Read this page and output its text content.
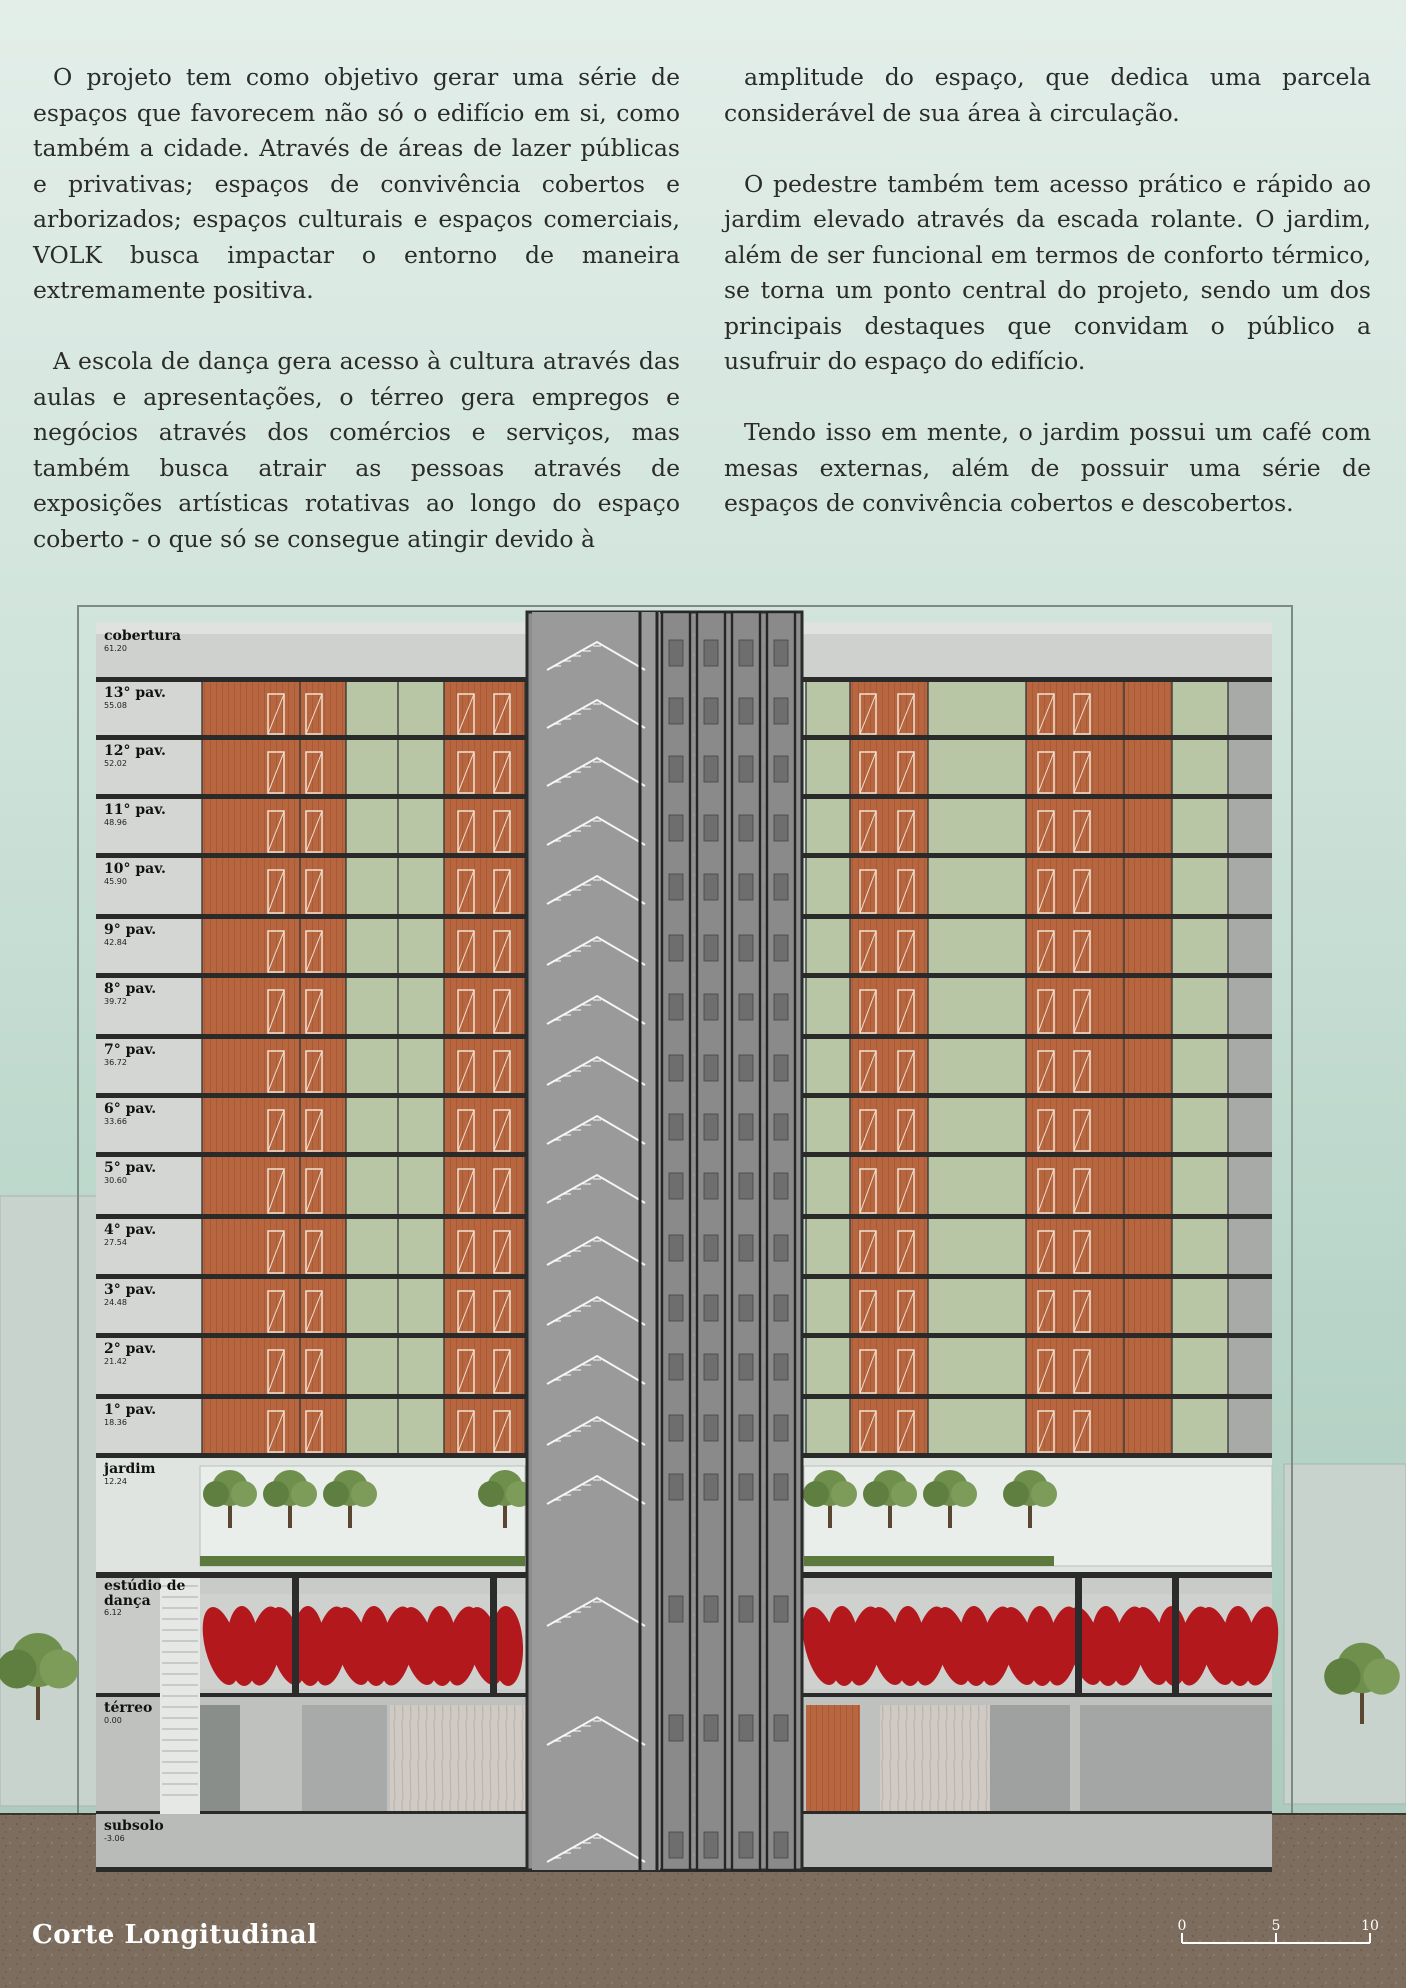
O projeto tem como objetivo gerar uma série de espaços que favorecem não só o edifício em si, como também a cidade. Através de áreas de lazer públicas e privativas; espaços de convivência cobertos e arborizados; espaços culturais e espaços comerciais, VOLK busca impactar o entorno de maneira extremamente positiva.

A escola de dança gera acesso à cultura através das aulas e apresentações, o térreo gera empregos e negócios através dos comércios e serviços, mas também busca atrair as pessoas através de exposições artísticas rotativas ao longo do espaço coberto - o que só se consegue atingir devido à

amplitude do espaço, que dedica uma parcela considerável de sua área à circulação.

O pedestre também tem acesso prático e rápido ao jardim elevado através da escada rolante. O jardim, além de ser funcional em termos de conforto térmico, se torna um ponto central do projeto, sendo um dos principais destaques que convidam o público a usufruir do espaço do edifício.

Tendo isso em mente, o jardim possui um café com mesas externas, além de possuir uma série de espaços de convivência cobertos e descobertos.

cobertura
61.20
13° pav.
55.08
12° pav.
52.02
11° pav.
48.96
10° pav.
45.90
9° pav.
42.84
8° pav.
39.72
7° pav.
36.72
6° pav.
33.66
5° pav.
30.60
4° pav.
27.54
3° pav.
24.48
2° pav.
21.42
1° pav.
18.36
jardim
12.24
estúdio de dança
6.12
térreo
0.00
subsolo
-3.06
0	5	10
Corte Longitudinal
